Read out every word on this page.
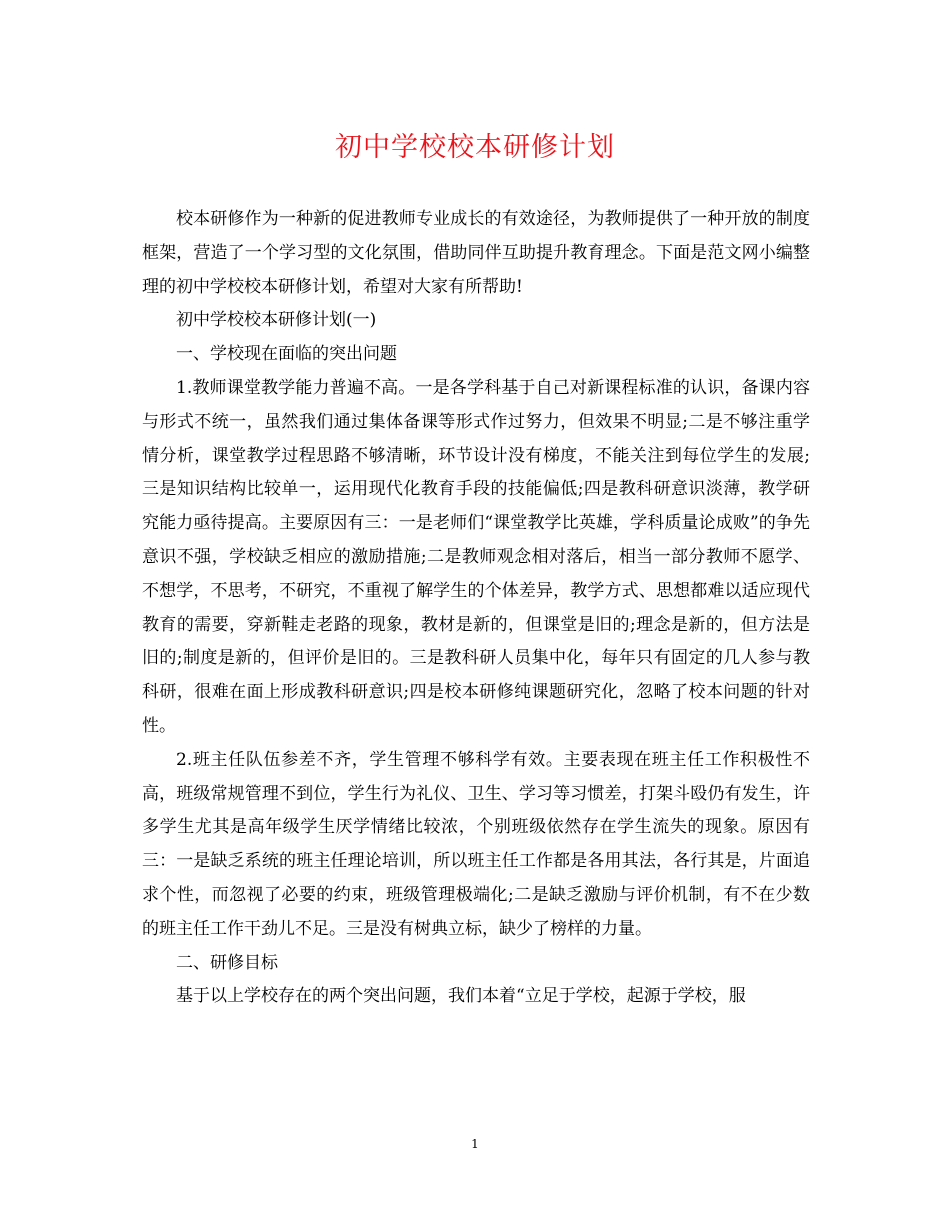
初中学校校本研修计划

校本研修作为一种新的促进教师专业成长的有效途径，为教师提供了一种开放的制度框架，营造了一个学习型的文化氛围，借助同伴互助提升教育理念。下面是范文网小编整理的初中学校校本研修计划，希望对大家有所帮助!

初中学校校本研修计划(一)

一、学校现在面临的突出问题

1.教师课堂教学能力普遍不高。一是各学科基于自己对新课程标准的认识，备课内容与形式不统一，虽然我们通过集体备课等形式作过努力，但效果不明显;二是不够注重学情分析，课堂教学过程思路不够清晰，环节设计没有梯度，不能关注到每位学生的发展;三是知识结构比较单一，运用现代化教育手段的技能偏低;四是教科研意识淡薄，教学研究能力亟待提高。主要原因有三：一是老师们“课堂教学比英雄，学科质量论成败”的争先意识不强，学校缺乏相应的激励措施;二是教师观念相对落后，相当一部分教师不愿学、不想学，不思考，不研究，不重视了解学生的个体差异，教学方式、思想都难以适应现代教育的需要，穿新鞋走老路的现象，教材是新的，但课堂是旧的;理念是新的，但方法是旧的;制度是新的，但评价是旧的。三是教科研人员集中化，每年只有固定的几人参与教科研，很难在面上形成教科研意识;四是校本研修纯课题研究化，忽略了校本问题的针对性。

2.班主任队伍参差不齐，学生管理不够科学有效。主要表现在班主任工作积极性不高，班级常规管理不到位，学生行为礼仪、卫生、学习等习惯差，打架斗殴仍有发生，许多学生尤其是高年级学生厌学情绪比较浓，个别班级依然存在学生流失的现象。原因有三：一是缺乏系统的班主任理论培训，所以班主任工作都是各用其法，各行其是，片面追求个性，而忽视了必要的约束，班级管理极端化;二是缺乏激励与评价机制，有不在少数的班主任工作干劲儿不足。三是没有树典立标，缺少了榜样的力量。

二、研修目标

基于以上学校存在的两个突出问题，我们本着“立足于学校，起源于学校，服

1
